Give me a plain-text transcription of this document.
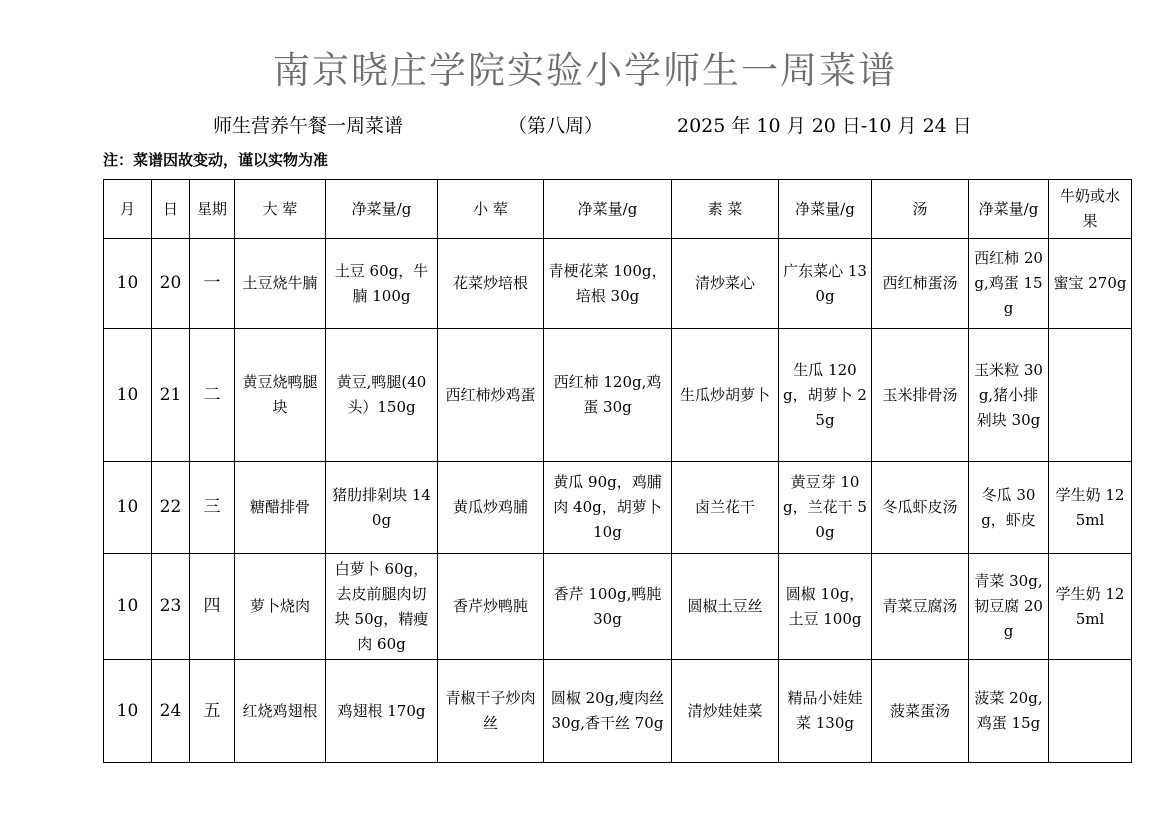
南京晓庄学院实验小学师生一周菜谱
师生营养午餐一周菜谱	（第八周）	2025 年 10 月 20 日-10 月 24 日
注：菜谱因故变动，谨以实物为准
月	日	星期	大 荤	净菜量/g	小 荤	净菜量/g	素 菜	净菜量/g	汤	净菜量/g	牛奶或水果
10	20	一	土豆烧牛腩	土豆 60g，牛腩 100g	花菜炒培根	青梗花菜 100g，培根 30g	清炒菜心	广东菜心 130g	西红柿蛋汤	西红柿 20g,鸡蛋 15g	蜜宝 270g
10	21	二	黄豆烧鸭腿块	黄豆,鸭腿(40头）150g	西红柿炒鸡蛋	西红柿 120g,鸡蛋 30g	生瓜炒胡萝卜	生瓜 120g，胡萝卜 25g	玉米排骨汤	玉米粒 30g,猪小排剁块 30g	
10	22	三	糖醋排骨	猪肋排剁块 140g	黄瓜炒鸡脯	黄瓜 90g，鸡脯肉 40g，胡萝卜 10g	卤兰花干	黄豆芽 10g，兰花干 50g	冬瓜虾皮汤	冬瓜 30g，虾皮	学生奶 125ml
10	23	四	萝卜烧肉	白萝卜 60g，去皮前腿肉切块 50g，精瘦肉 60g	香芹炒鸭肫	香芹 100g,鸭肫 30g	圆椒土豆丝	圆椒 10g，土豆 100g	青菜豆腐汤	青菜 30g,韧豆腐 20g	学生奶 125ml
10	24	五	红烧鸡翅根	鸡翅根 170g	青椒干子炒肉丝	圆椒 20g,瘦肉丝 30g,香干丝 70g	清炒娃娃菜	精品小娃娃菜 130g	菠菜蛋汤	菠菜 20g,鸡蛋 15g	
